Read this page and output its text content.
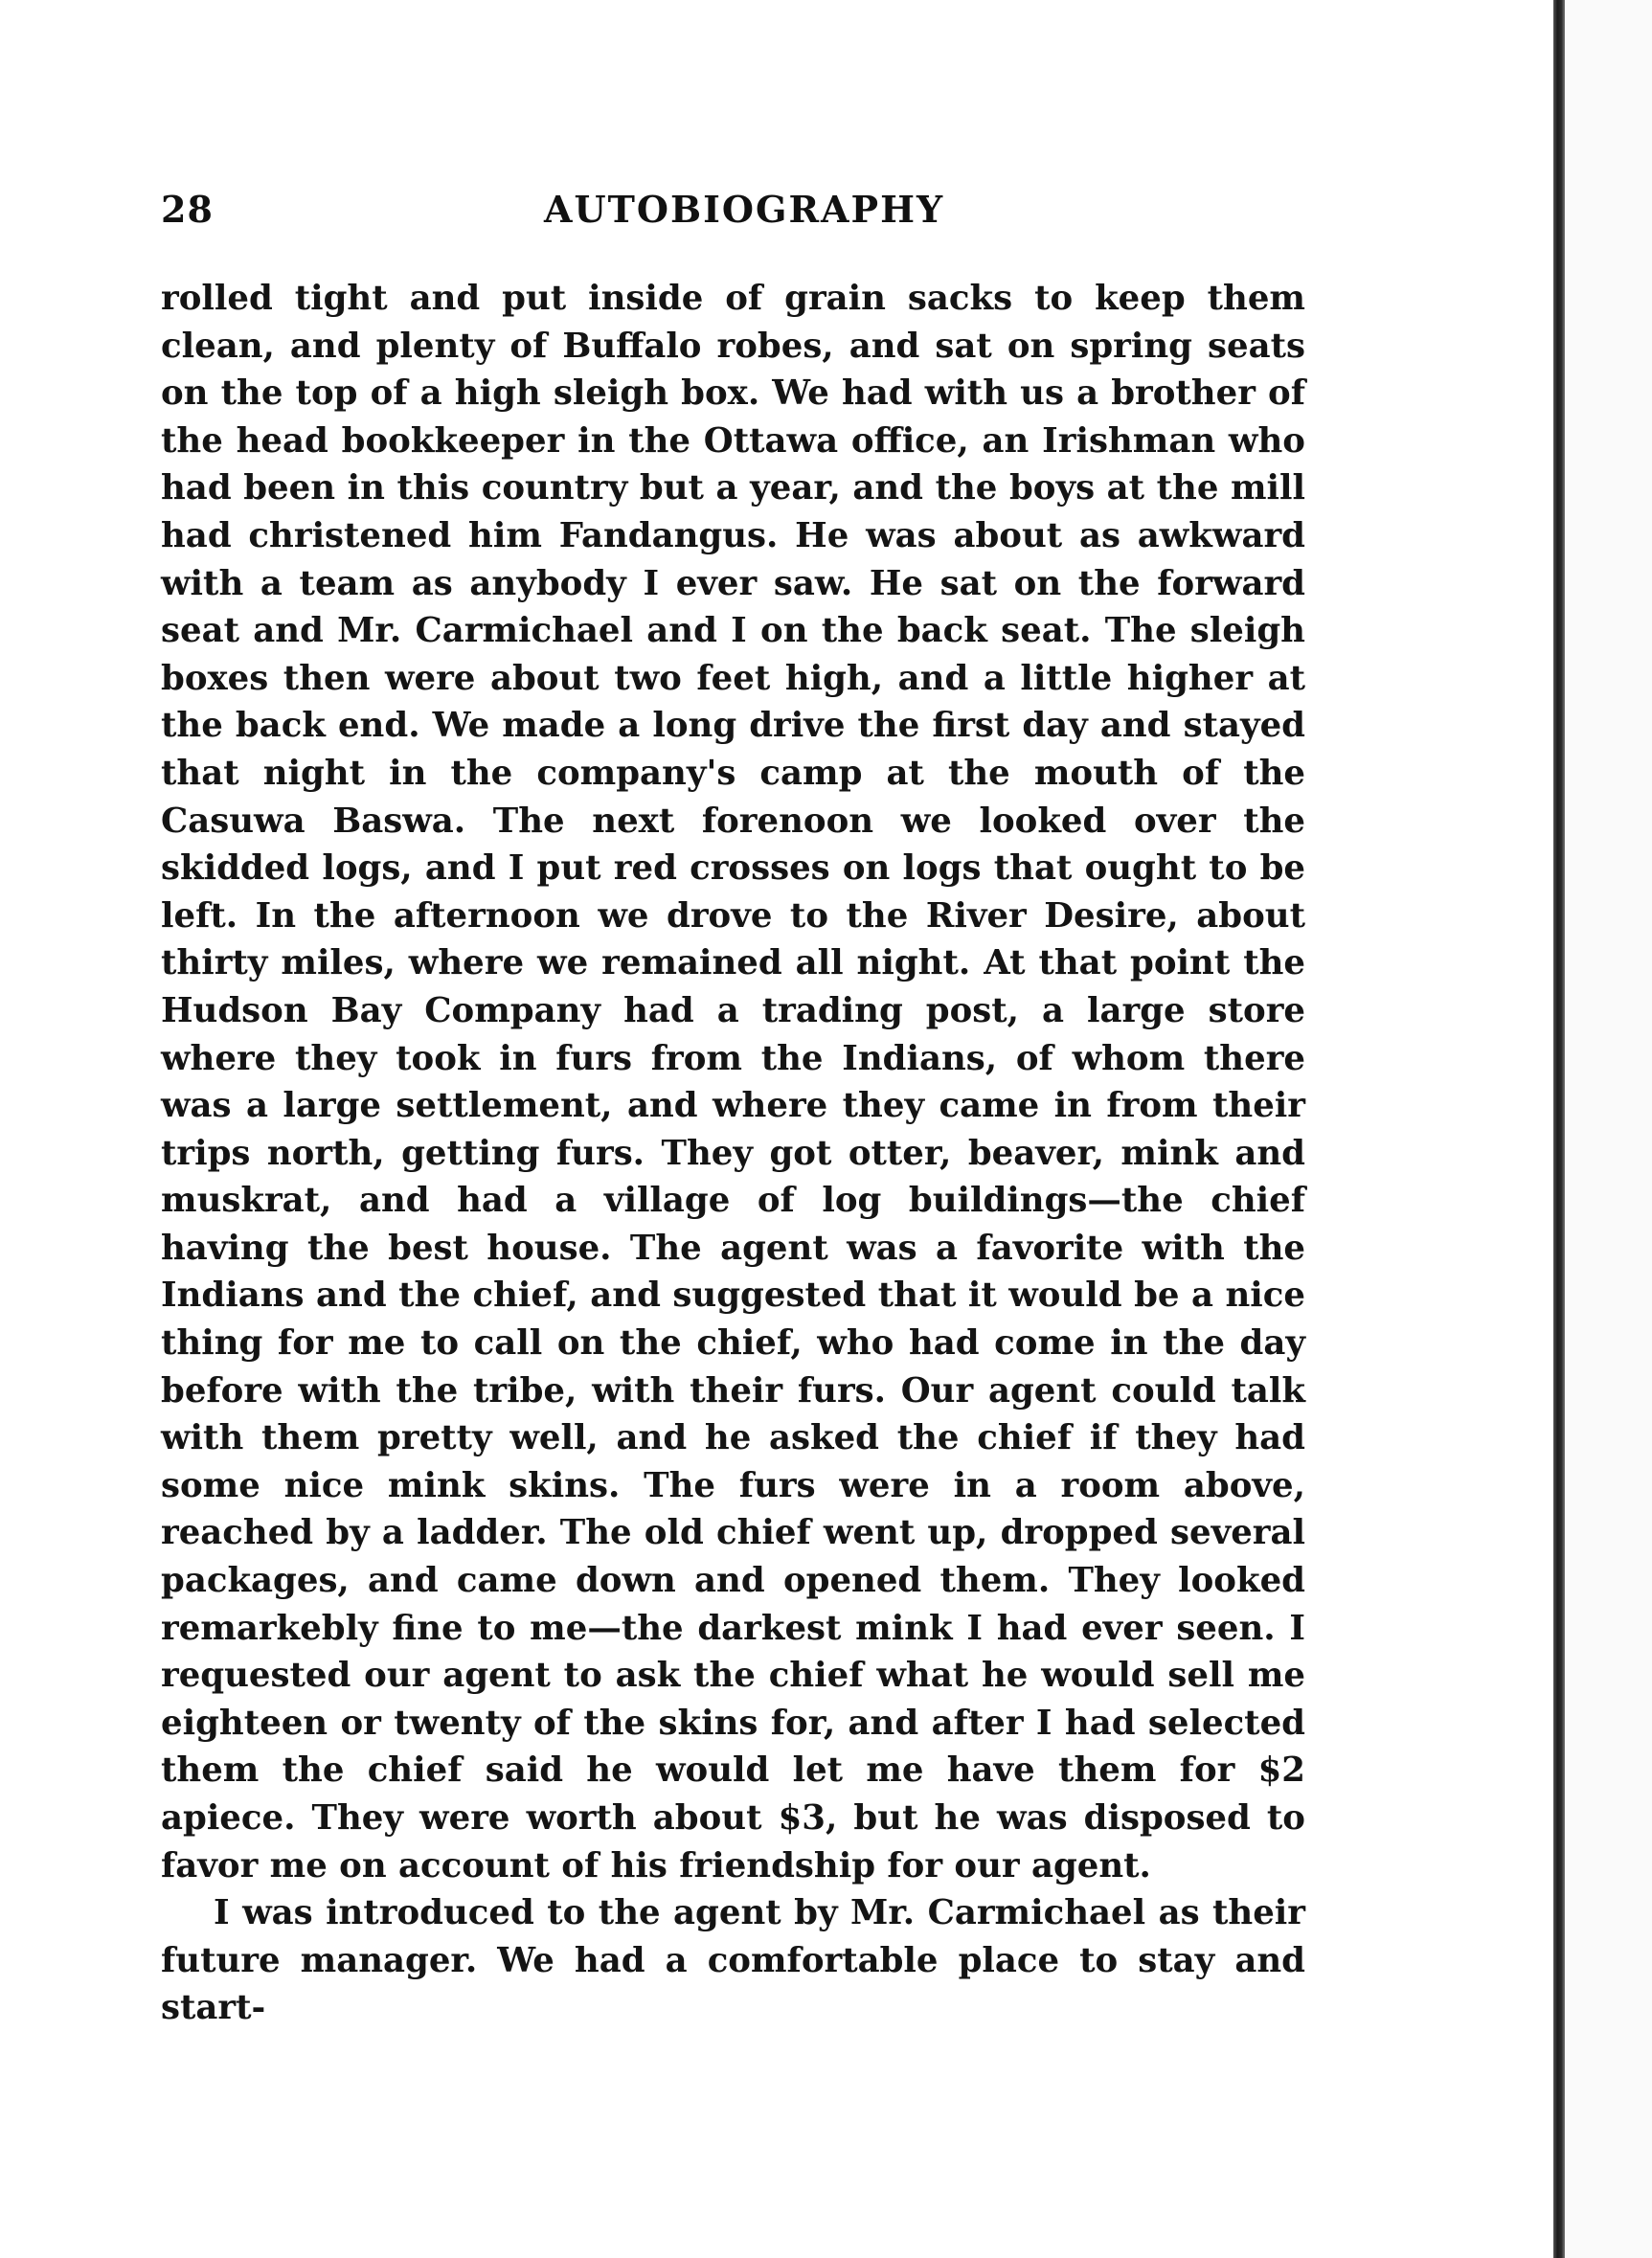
28	AUTOBIOGRAPHY

rolled tight and put inside of grain sacks to keep them clean, and plenty of Buffalo robes, and sat on spring seats on the top of a high sleigh box. We had with us a brother of the head bookkeeper in the Ottawa office, an Irishman who had been in this country but a year, and the boys at the mill had christened him Fandangus. He was about as awkward with a team as anybody I ever saw. He sat on the forward seat and Mr. Carmichael and I on the back seat. The sleigh boxes then were about two feet high, and a little higher at the back end. We made a long drive the first day and stayed that night in the company's camp at the mouth of the Casuwa Baswa. The next forenoon we looked over the skidded logs, and I put red crosses on logs that ought to be left. In the afternoon we drove to the River Desire, about thirty miles, where we remained all night. At that point the Hudson Bay Company had a trading post, a large store where they took in furs from the Indians, of whom there was a large settlement, and where they came in from their trips north, getting furs. They got otter, beaver, mink and muskrat, and had a village of log buildings—the chief having the best house. The agent was a favorite with the Indians and the chief, and suggested that it would be a nice thing for me to call on the chief, who had come in the day before with the tribe, with their furs. Our agent could talk with them pretty well, and he asked the chief if they had some nice mink skins. The furs were in a room above, reached by a ladder. The old chief went up, dropped several packages, and came down and opened them. They looked remarkebly fine to me—the darkest mink I had ever seen. I requested our agent to ask the chief what he would sell me eighteen or twenty of the skins for, and after I had selected them the chief said he would let me have them for $2 apiece. They were worth about $3, but he was disposed to favor me on account of his friendship for our agent.

I was introduced to the agent by Mr. Carmichael as their future manager. We had a comfortable place to stay and start-
